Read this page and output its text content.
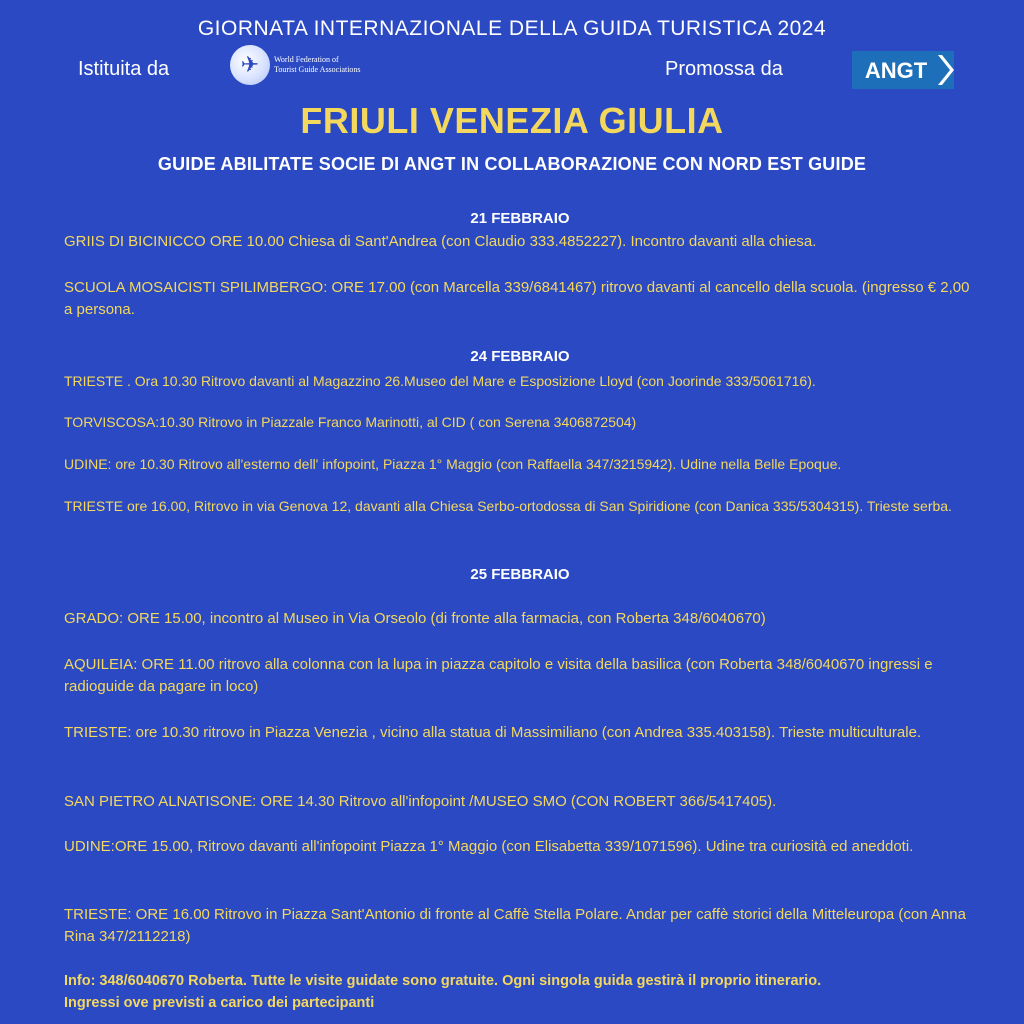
GIORNATA INTERNAZIONALE DELLA GUIDA TURISTICA 2024
Istituita da	✈	World Federation of
Tourist Guide Associations	Promossa da	ANGT
FRIULI VENEZIA GIULIA
GUIDE ABILITATE SOCIE DI ANGT IN COLLABORAZIONE CON NORD EST GUIDE
21 FEBBRAIO
GRIIS DI BICINICCO ORE 10.00 Chiesa di Sant'Andrea (con Claudio 333.4852227). Incontro davanti alla chiesa.
SCUOLA MOSAICISTI SPILIMBERGO: ORE 17.00 (con Marcella 339/6841467) ritrovo davanti al cancello della scuola. (ingresso € 2,00 a persona.
24 FEBBRAIO
TRIESTE . Ora 10.30 Ritrovo davanti al Magazzino 26.Museo del Mare e Esposizione Lloyd (con Joorinde 333/5061716).
TORVISCOSA:10.30 Ritrovo in Piazzale Franco Marinotti, al CID ( con Serena 3406872504)
UDINE: ore 10.30 Ritrovo all'esterno dell' infopoint, Piazza 1° Maggio (con Raffaella 347/3215942). Udine nella Belle Epoque.
TRIESTE ore 16.00, Ritrovo in via Genova 12, davanti alla Chiesa Serbo-ortodossa di San Spiridione (con Danica 335/5304315). Trieste serba.
25 FEBBRAIO
GRADO: ORE 15.00, incontro al Museo in Via Orseolo (di fronte alla farmacia, con Roberta 348/6040670)
AQUILEIA: ORE 11.00 ritrovo alla colonna con la lupa in piazza capitolo e visita della basilica (con Roberta 348/6040670 ingressi e radioguide da pagare in loco)
TRIESTE: ore 10.30 ritrovo in Piazza Venezia , vicino alla statua di Massimiliano (con Andrea 335.403158). Trieste multiculturale.
SAN PIETRO ALNATISONE: ORE 14.30 Ritrovo all'infopoint /MUSEO SMO (CON ROBERT 366/5417405).
UDINE:ORE 15.00, Ritrovo davanti all'infopoint Piazza 1° Maggio (con Elisabetta 339/1071596). Udine tra curiosità ed aneddoti.
TRIESTE: ORE 16.00 Ritrovo in Piazza Sant'Antonio di fronte al Caffè Stella Polare. Andar per caffè storici della Mitteleuropa (con Anna Rina 347/2112218)
Info: 348/6040670 Roberta. Tutte le visite guidate sono gratuite. Ogni singola guida gestirà il proprio itinerario.
Ingressi ove previsti a carico dei partecipanti
